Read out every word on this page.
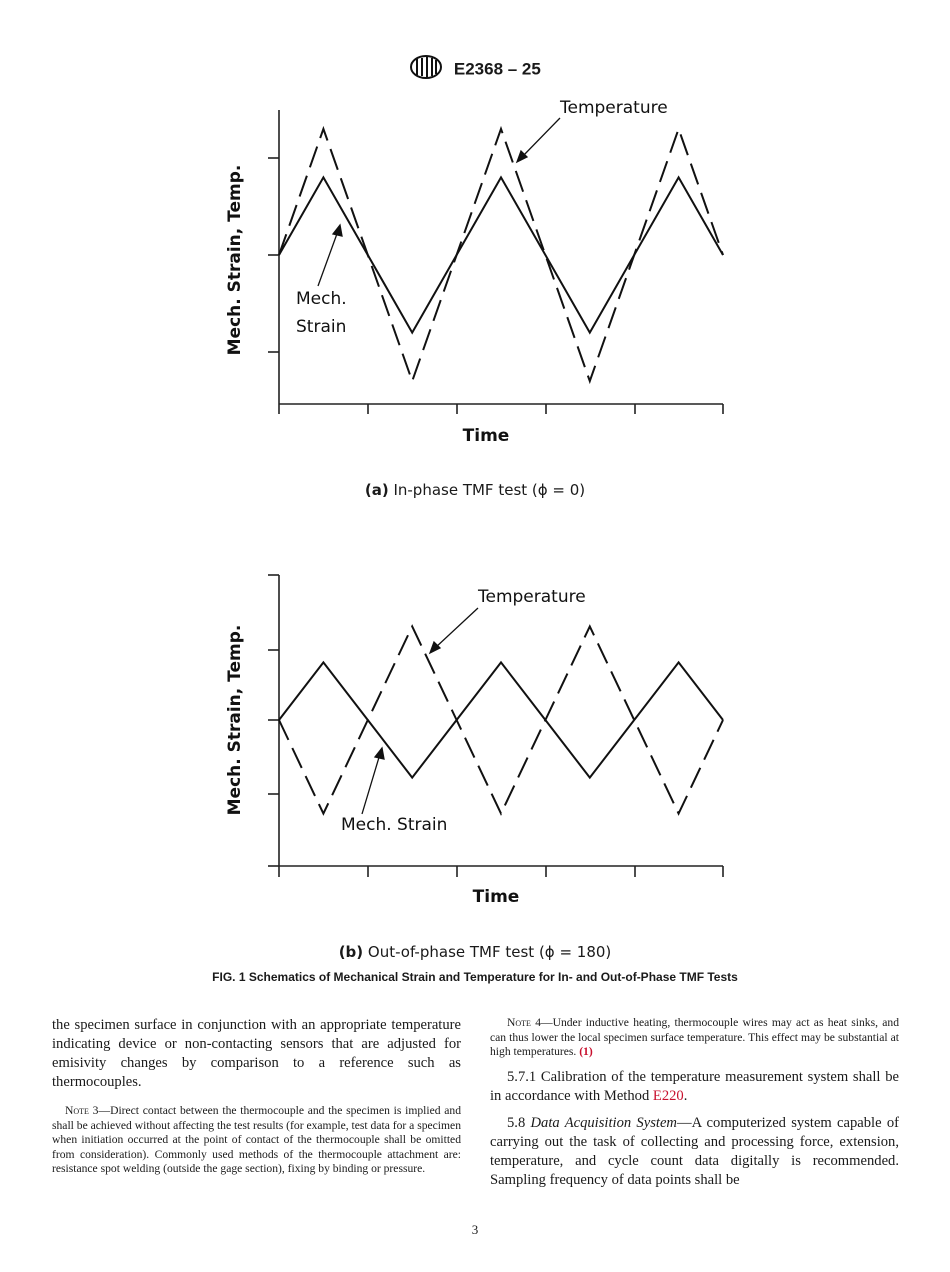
E2368 – 25
Temperature
Mech.
Strain
Time
Mech. Strain, Temp.
(a) In-phase TMF test (ϕ = 0)
Temperature
Mech. Strain
Time
Mech. Strain, Temp.
(b) Out-of-phase TMF test (ϕ = 180)
FIG. 1 Schematics of Mechanical Strain and Temperature for In- and Out-of-Phase TMF Tests

the specimen surface in conjunction with an appropriate temperature indicating device or non-contacting sensors that are adjusted for emisivity changes by comparison to a reference such as thermocouples.

Note 3—Direct contact between the thermocouple and the specimen is implied and shall be achieved without affecting the test results (for example, test data for a specimen when initiation occurred at the point of contact of the thermocouple shall be omitted from consideration). Commonly used methods of the thermocouple attachment are: resistance spot welding (outside the gage section), fixing by binding or pressure.

Note 4—Under inductive heating, thermocouple wires may act as heat sinks, and can thus lower the local specimen surface temperature. This effect may be substantial at high temperatures. (1)

5.7.1 Calibration of the temperature measurement system shall be in accordance with Method E220.

5.8 Data Acquisition System—A computerized system capable of carrying out the task of collecting and processing force, extension, temperature, and cycle count data digitally is recommended. Sampling frequency of data points shall be

3
